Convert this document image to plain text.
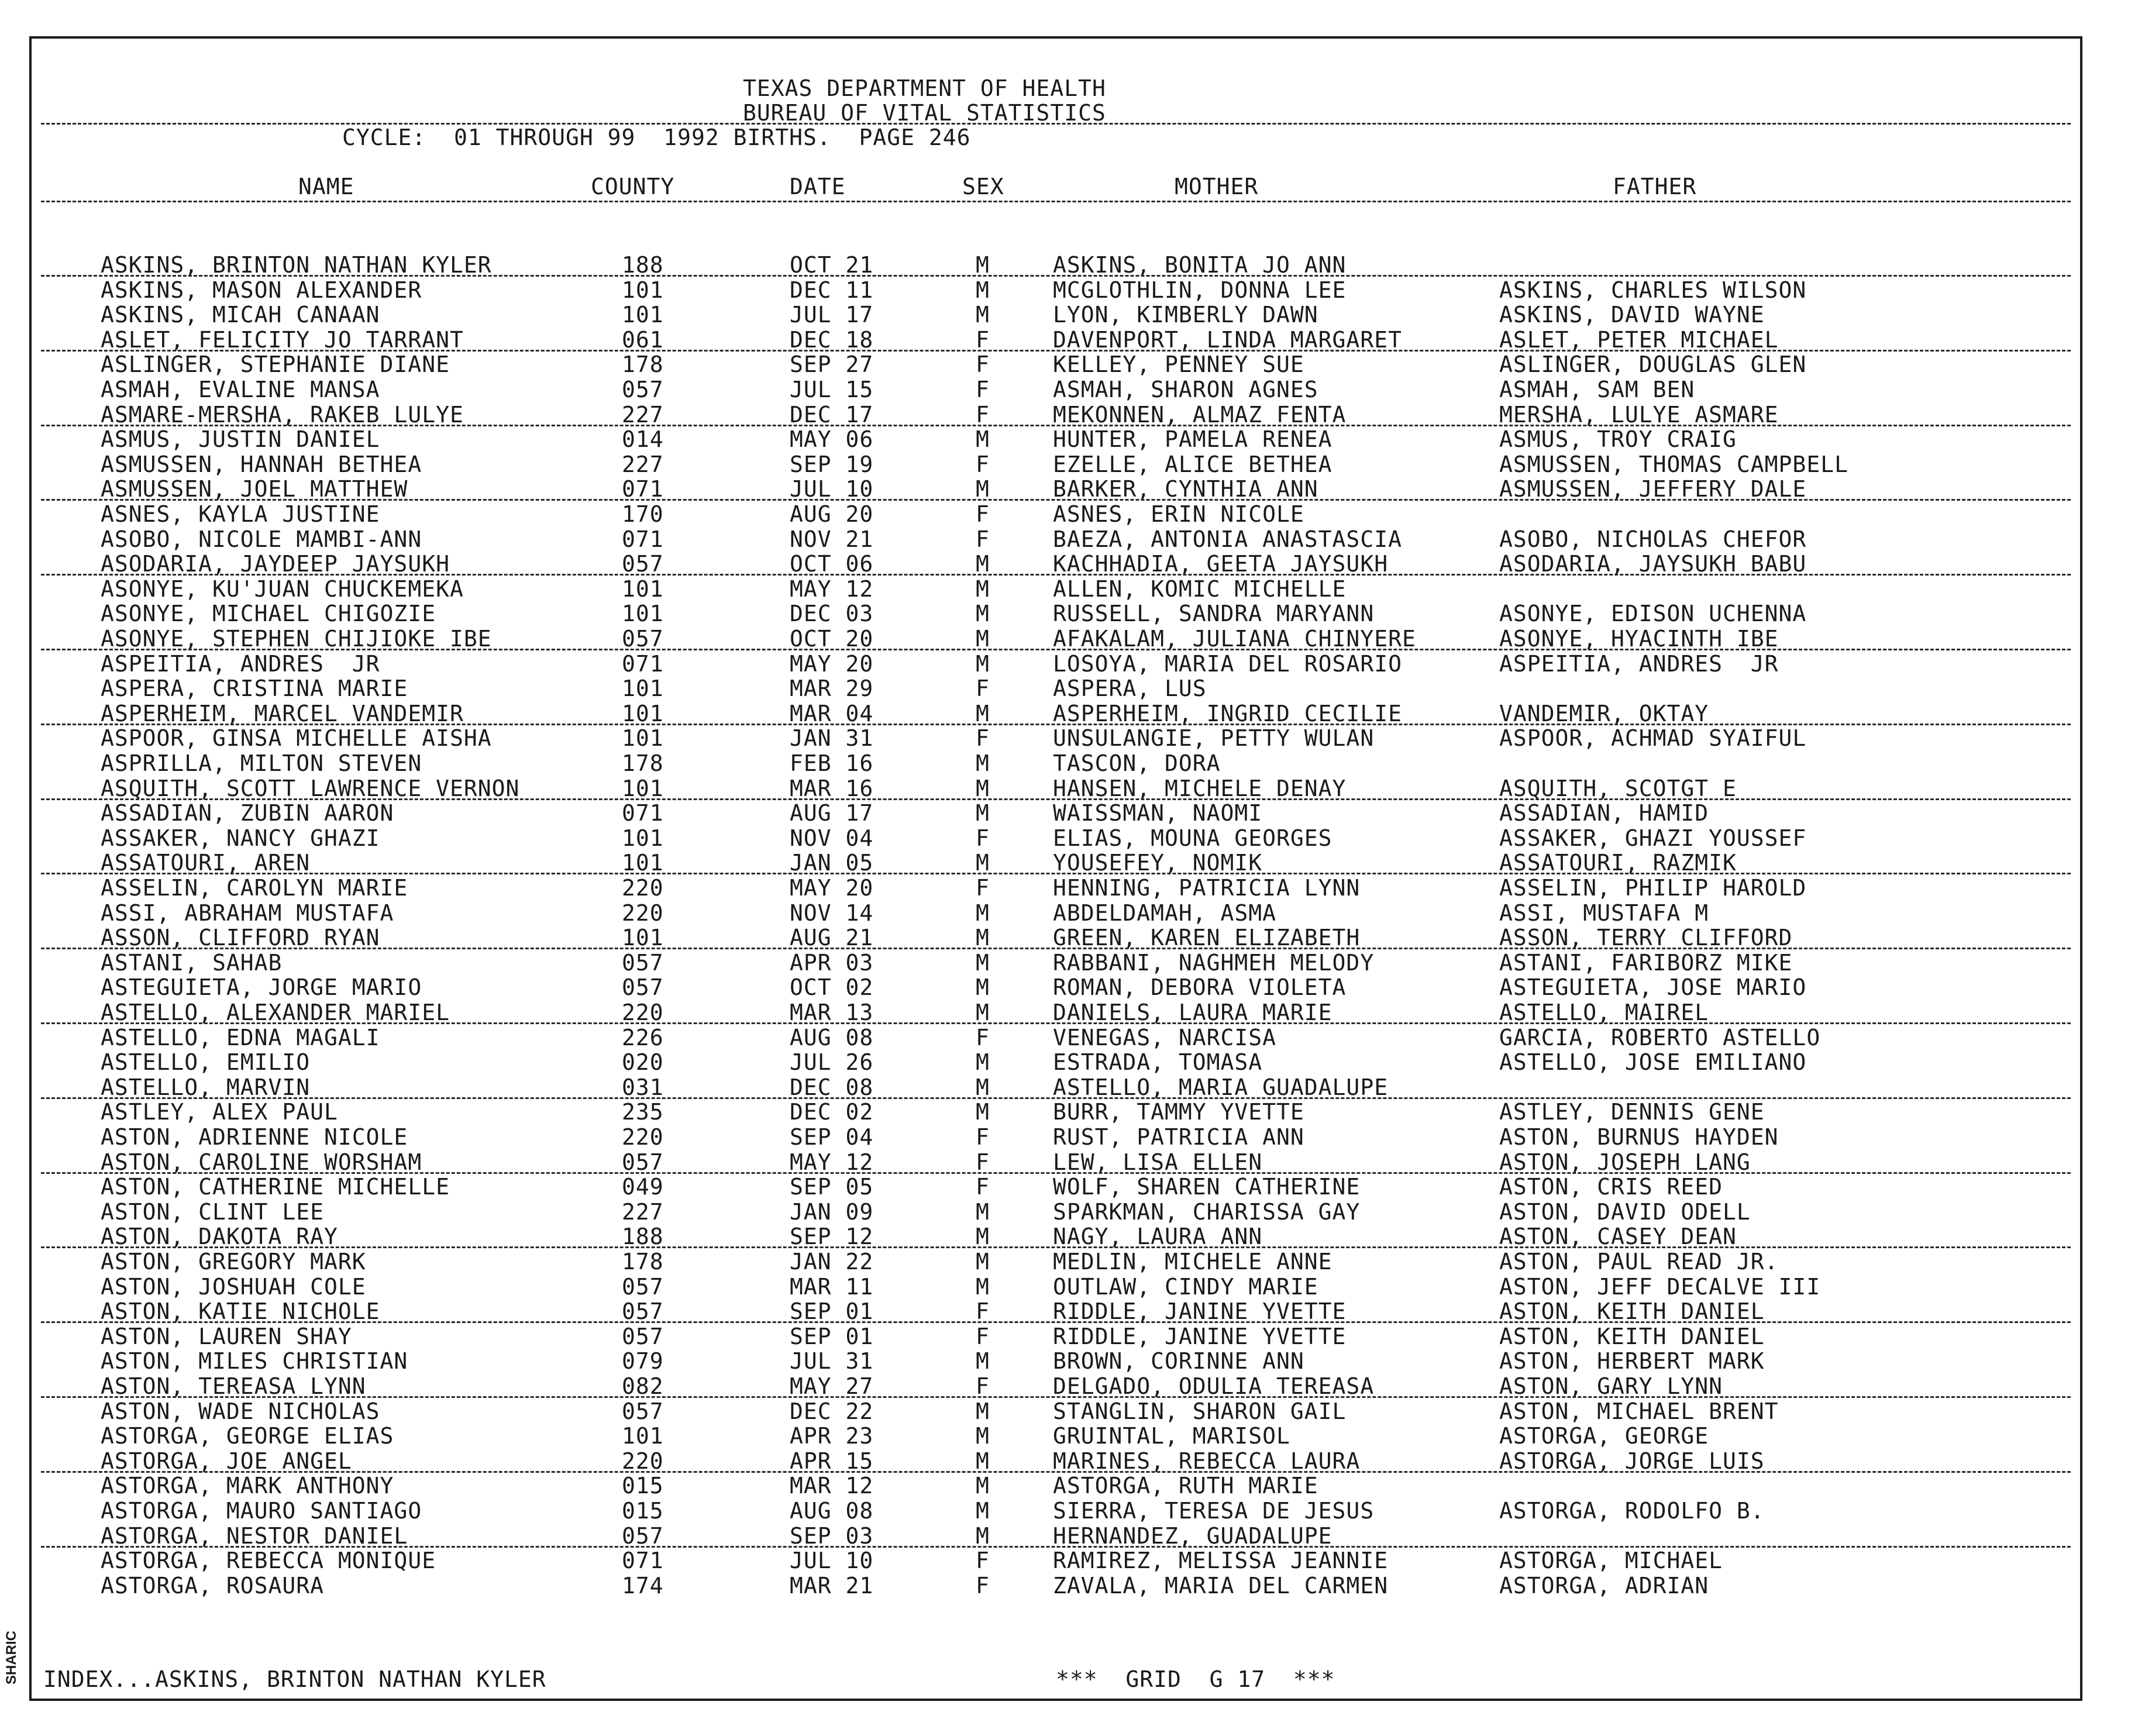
TEXAS DEPARTMENT OF HEALTH
BUREAU OF VITAL STATISTICS
CYCLE:  01 THROUGH 99  1992 BIRTHS.  PAGE 246
NAME	COUNTY	DATE	SEX	MOTHER	FATHER
ASKINS, BRINTON NATHAN KYLER	188	OCT 21	M	ASKINS, BONITA JO ANN
ASKINS, MASON ALEXANDER	101	DEC 11	M	MCGLOTHLIN, DONNA LEE	ASKINS, CHARLES WILSON
ASKINS, MICAH CANAAN	101	JUL 17	M	LYON, KIMBERLY DAWN	ASKINS, DAVID WAYNE
ASLET, FELICITY JO TARRANT	061	DEC 18	F	DAVENPORT, LINDA MARGARET	ASLET, PETER MICHAEL
ASLINGER, STEPHANIE DIANE	178	SEP 27	F	KELLEY, PENNEY SUE	ASLINGER, DOUGLAS GLEN
ASMAH, EVALINE MANSA	057	JUL 15	F	ASMAH, SHARON AGNES	ASMAH, SAM BEN
ASMARE-MERSHA, RAKEB LULYE	227	DEC 17	F	MEKONNEN, ALMAZ FENTA	MERSHA, LULYE ASMARE
ASMUS, JUSTIN DANIEL	014	MAY 06	M	HUNTER, PAMELA RENEA	ASMUS, TROY CRAIG
ASMUSSEN, HANNAH BETHEA	227	SEP 19	F	EZELLE, ALICE BETHEA	ASMUSSEN, THOMAS CAMPBELL
ASMUSSEN, JOEL MATTHEW	071	JUL 10	M	BARKER, CYNTHIA ANN	ASMUSSEN, JEFFERY DALE
ASNES, KAYLA JUSTINE	170	AUG 20	F	ASNES, ERIN NICOLE
ASOBO, NICOLE MAMBI-ANN	071	NOV 21	F	BAEZA, ANTONIA ANASTASCIA	ASOBO, NICHOLAS CHEFOR
ASODARIA, JAYDEEP JAYSUKH	057	OCT 06	M	KACHHADIA, GEETA JAYSUKH	ASODARIA, JAYSUKH BABU
ASONYE, KU'JUAN CHUCKEMEKA	101	MAY 12	M	ALLEN, KOMIC MICHELLE
ASONYE, MICHAEL CHIGOZIE	101	DEC 03	M	RUSSELL, SANDRA MARYANN	ASONYE, EDISON UCHENNA
ASONYE, STEPHEN CHIJIOKE IBE	057	OCT 20	M	AFAKALAM, JULIANA CHINYERE	ASONYE, HYACINTH IBE
ASPEITIA, ANDRES  JR	071	MAY 20	M	LOSOYA, MARIA DEL ROSARIO	ASPEITIA, ANDRES  JR
ASPERA, CRISTINA MARIE	101	MAR 29	F	ASPERA, LUS
ASPERHEIM, MARCEL VANDEMIR	101	MAR 04	M	ASPERHEIM, INGRID CECILIE	VANDEMIR, OKTAY
ASPOOR, GINSA MICHELLE AISHA	101	JAN 31	F	UNSULANGIE, PETTY WULAN	ASPOOR, ACHMAD SYAIFUL
ASPRILLA, MILTON STEVEN	178	FEB 16	M	TASCON, DORA
ASQUITH, SCOTT LAWRENCE VERNON	101	MAR 16	M	HANSEN, MICHELE DENAY	ASQUITH, SCOTGT E
ASSADIAN, ZUBIN AARON	071	AUG 17	M	WAISSMAN, NAOMI	ASSADIAN, HAMID
ASSAKER, NANCY GHAZI	101	NOV 04	F	ELIAS, MOUNA GEORGES	ASSAKER, GHAZI YOUSSEF
ASSATOURI, AREN	101	JAN 05	M	YOUSEFEY, NOMIK	ASSATOURI, RAZMIK
ASSELIN, CAROLYN MARIE	220	MAY 20	F	HENNING, PATRICIA LYNN	ASSELIN, PHILIP HAROLD
ASSI, ABRAHAM MUSTAFA	220	NOV 14	M	ABDELDAMAH, ASMA	ASSI, MUSTAFA M
ASSON, CLIFFORD RYAN	101	AUG 21	M	GREEN, KAREN ELIZABETH	ASSON, TERRY CLIFFORD
ASTANI, SAHAB	057	APR 03	M	RABBANI, NAGHMEH MELODY	ASTANI, FARIBORZ MIKE
ASTEGUIETA, JORGE MARIO	057	OCT 02	M	ROMAN, DEBORA VIOLETA	ASTEGUIETA, JOSE MARIO
ASTELLO, ALEXANDER MARIEL	220	MAR 13	M	DANIELS, LAURA MARIE	ASTELLO, MAIREL
ASTELLO, EDNA MAGALI	226	AUG 08	F	VENEGAS, NARCISA	GARCIA, ROBERTO ASTELLO
ASTELLO, EMILIO	020	JUL 26	M	ESTRADA, TOMASA	ASTELLO, JOSE EMILIANO
ASTELLO, MARVIN	031	DEC 08	M	ASTELLO, MARIA GUADALUPE
ASTLEY, ALEX PAUL	235	DEC 02	M	BURR, TAMMY YVETTE	ASTLEY, DENNIS GENE
ASTON, ADRIENNE NICOLE	220	SEP 04	F	RUST, PATRICIA ANN	ASTON, BURNUS HAYDEN
ASTON, CAROLINE WORSHAM	057	MAY 12	F	LEW, LISA ELLEN	ASTON, JOSEPH LANG
ASTON, CATHERINE MICHELLE	049	SEP 05	F	WOLF, SHAREN CATHERINE	ASTON, CRIS REED
ASTON, CLINT LEE	227	JAN 09	M	SPARKMAN, CHARISSA GAY	ASTON, DAVID ODELL
ASTON, DAKOTA RAY	188	SEP 12	M	NAGY, LAURA ANN	ASTON, CASEY DEAN
ASTON, GREGORY MARK	178	JAN 22	M	MEDLIN, MICHELE ANNE	ASTON, PAUL READ JR.
ASTON, JOSHUAH COLE	057	MAR 11	M	OUTLAW, CINDY MARIE	ASTON, JEFF DECALVE III
ASTON, KATIE NICHOLE	057	SEP 01	F	RIDDLE, JANINE YVETTE	ASTON, KEITH DANIEL
ASTON, LAUREN SHAY	057	SEP 01	F	RIDDLE, JANINE YVETTE	ASTON, KEITH DANIEL
ASTON, MILES CHRISTIAN	079	JUL 31	M	BROWN, CORINNE ANN	ASTON, HERBERT MARK
ASTON, TEREASA LYNN	082	MAY 27	F	DELGADO, ODULIA TEREASA	ASTON, GARY LYNN
ASTON, WADE NICHOLAS	057	DEC 22	M	STANGLIN, SHARON GAIL	ASTON, MICHAEL BRENT
ASTORGA, GEORGE ELIAS	101	APR 23	M	GRUINTAL, MARISOL	ASTORGA, GEORGE
ASTORGA, JOE ANGEL	220	APR 15	M	MARINES, REBECCA LAURA	ASTORGA, JORGE LUIS
ASTORGA, MARK ANTHONY	015	MAR 12	M	ASTORGA, RUTH MARIE
ASTORGA, MAURO SANTIAGO	015	AUG 08	M	SIERRA, TERESA DE JESUS	ASTORGA, RODOLFO B.
ASTORGA, NESTOR DANIEL	057	SEP 03	M	HERNANDEZ, GUADALUPE
ASTORGA, REBECCA MONIQUE	071	JUL 10	F	RAMIREZ, MELISSA JEANNIE	ASTORGA, MICHAEL
ASTORGA, ROSAURA	174	MAR 21	F	ZAVALA, MARIA DEL CARMEN	ASTORGA, ADRIAN
INDEX...ASKINS, BRINTON NATHAN KYLER	***  GRID  G 17  ***
SHARIC
